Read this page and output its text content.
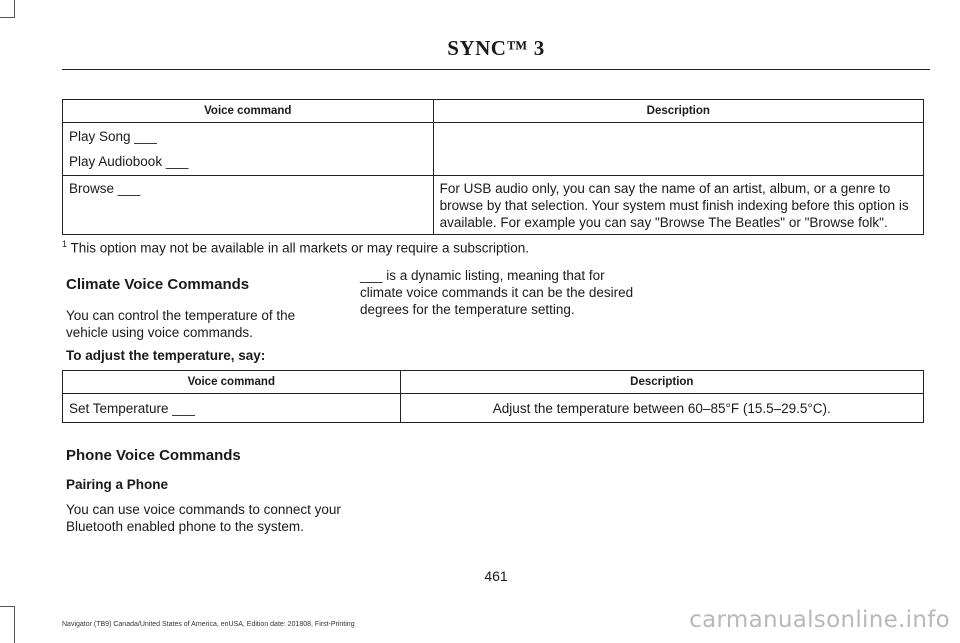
SYNC™ 3
Voice command	Description

Play Song ___
Play Audiobook ___	

Browse ___	For USB audio only, you can say the name of an artist, album, or a genre to browse by that selection. Your system must finish indexing before this option is available. For example you can say "Browse The Beatles" or "Browse folk".
$^1$ This option may not be available in all markets or may require a subscription.
Climate Voice Commands
You can control the temperature of the vehicle using voice commands.
___ is a dynamic listing, meaning that for climate voice commands it can be the desired degrees for the temperature setting.
To adjust the temperature, say:
Voice command	Description
Set Temperature ___	Adjust the temperature between 60–85°F (15.5–29.5°C).
Phone Voice Commands
Pairing a Phone
You can use voice commands to connect your Bluetooth enabled phone to the system.
461
Navigator (TB9) Canada/United States of America, enUSA, Edition date: 201808, First-Printing	carmanualsonline.info
